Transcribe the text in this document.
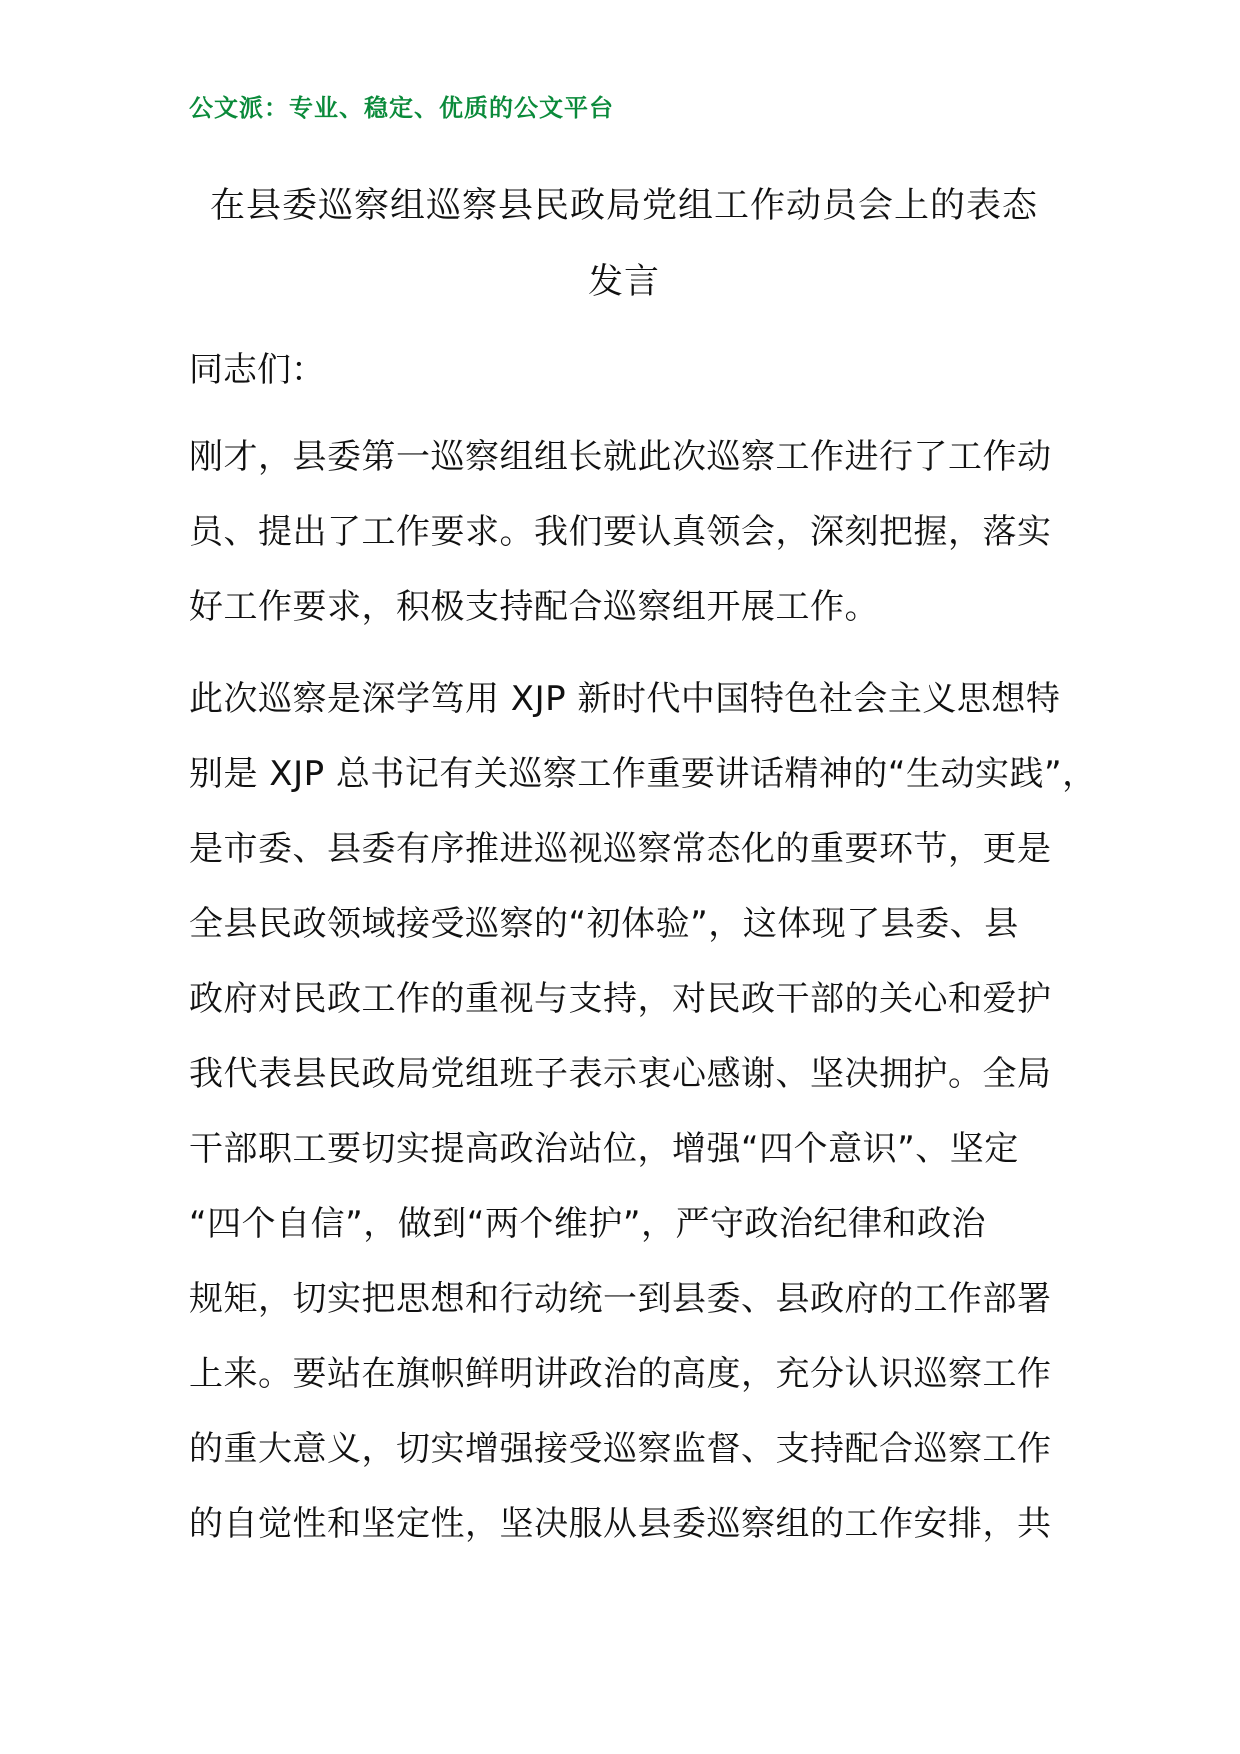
公文派：专业、稳定、优质的公文平台
在县委巡察组巡察县民政局党组工作动员会上的表态
发言
同志们：
刚才，县委第一巡察组组长就此次巡察工作进行了工作动
员、提出了工作要求。我们要认真领会，深刻把握，落实
好工作要求，积极支持配合巡察组开展工作。
此次巡察是深学笃用 XJP 新时代中国特色社会主义思想特
别是 XJP 总书记有关巡察工作重要讲话精神的“生动实践”，
是市委、县委有序推进巡视巡察常态化的重要环节，更是
全县民政领域接受巡察的“初体验”，这体现了县委、县
政府对民政工作的重视与支持，对民政干部的关心和爱护
我代表县民政局党组班子表示衷心感谢、坚决拥护。全局
干部职工要切实提高政治站位，增强“四个意识”、坚定
“四个自信”，做到“两个维护”，严守政治纪律和政治
规矩，切实把思想和行动统一到县委、县政府的工作部署
上来。要站在旗帜鲜明讲政治的高度，充分认识巡察工作
的重大意义，切实增强接受巡察监督、支持配合巡察工作
的自觉性和坚定性，坚决服从县委巡察组的工作安排，共
